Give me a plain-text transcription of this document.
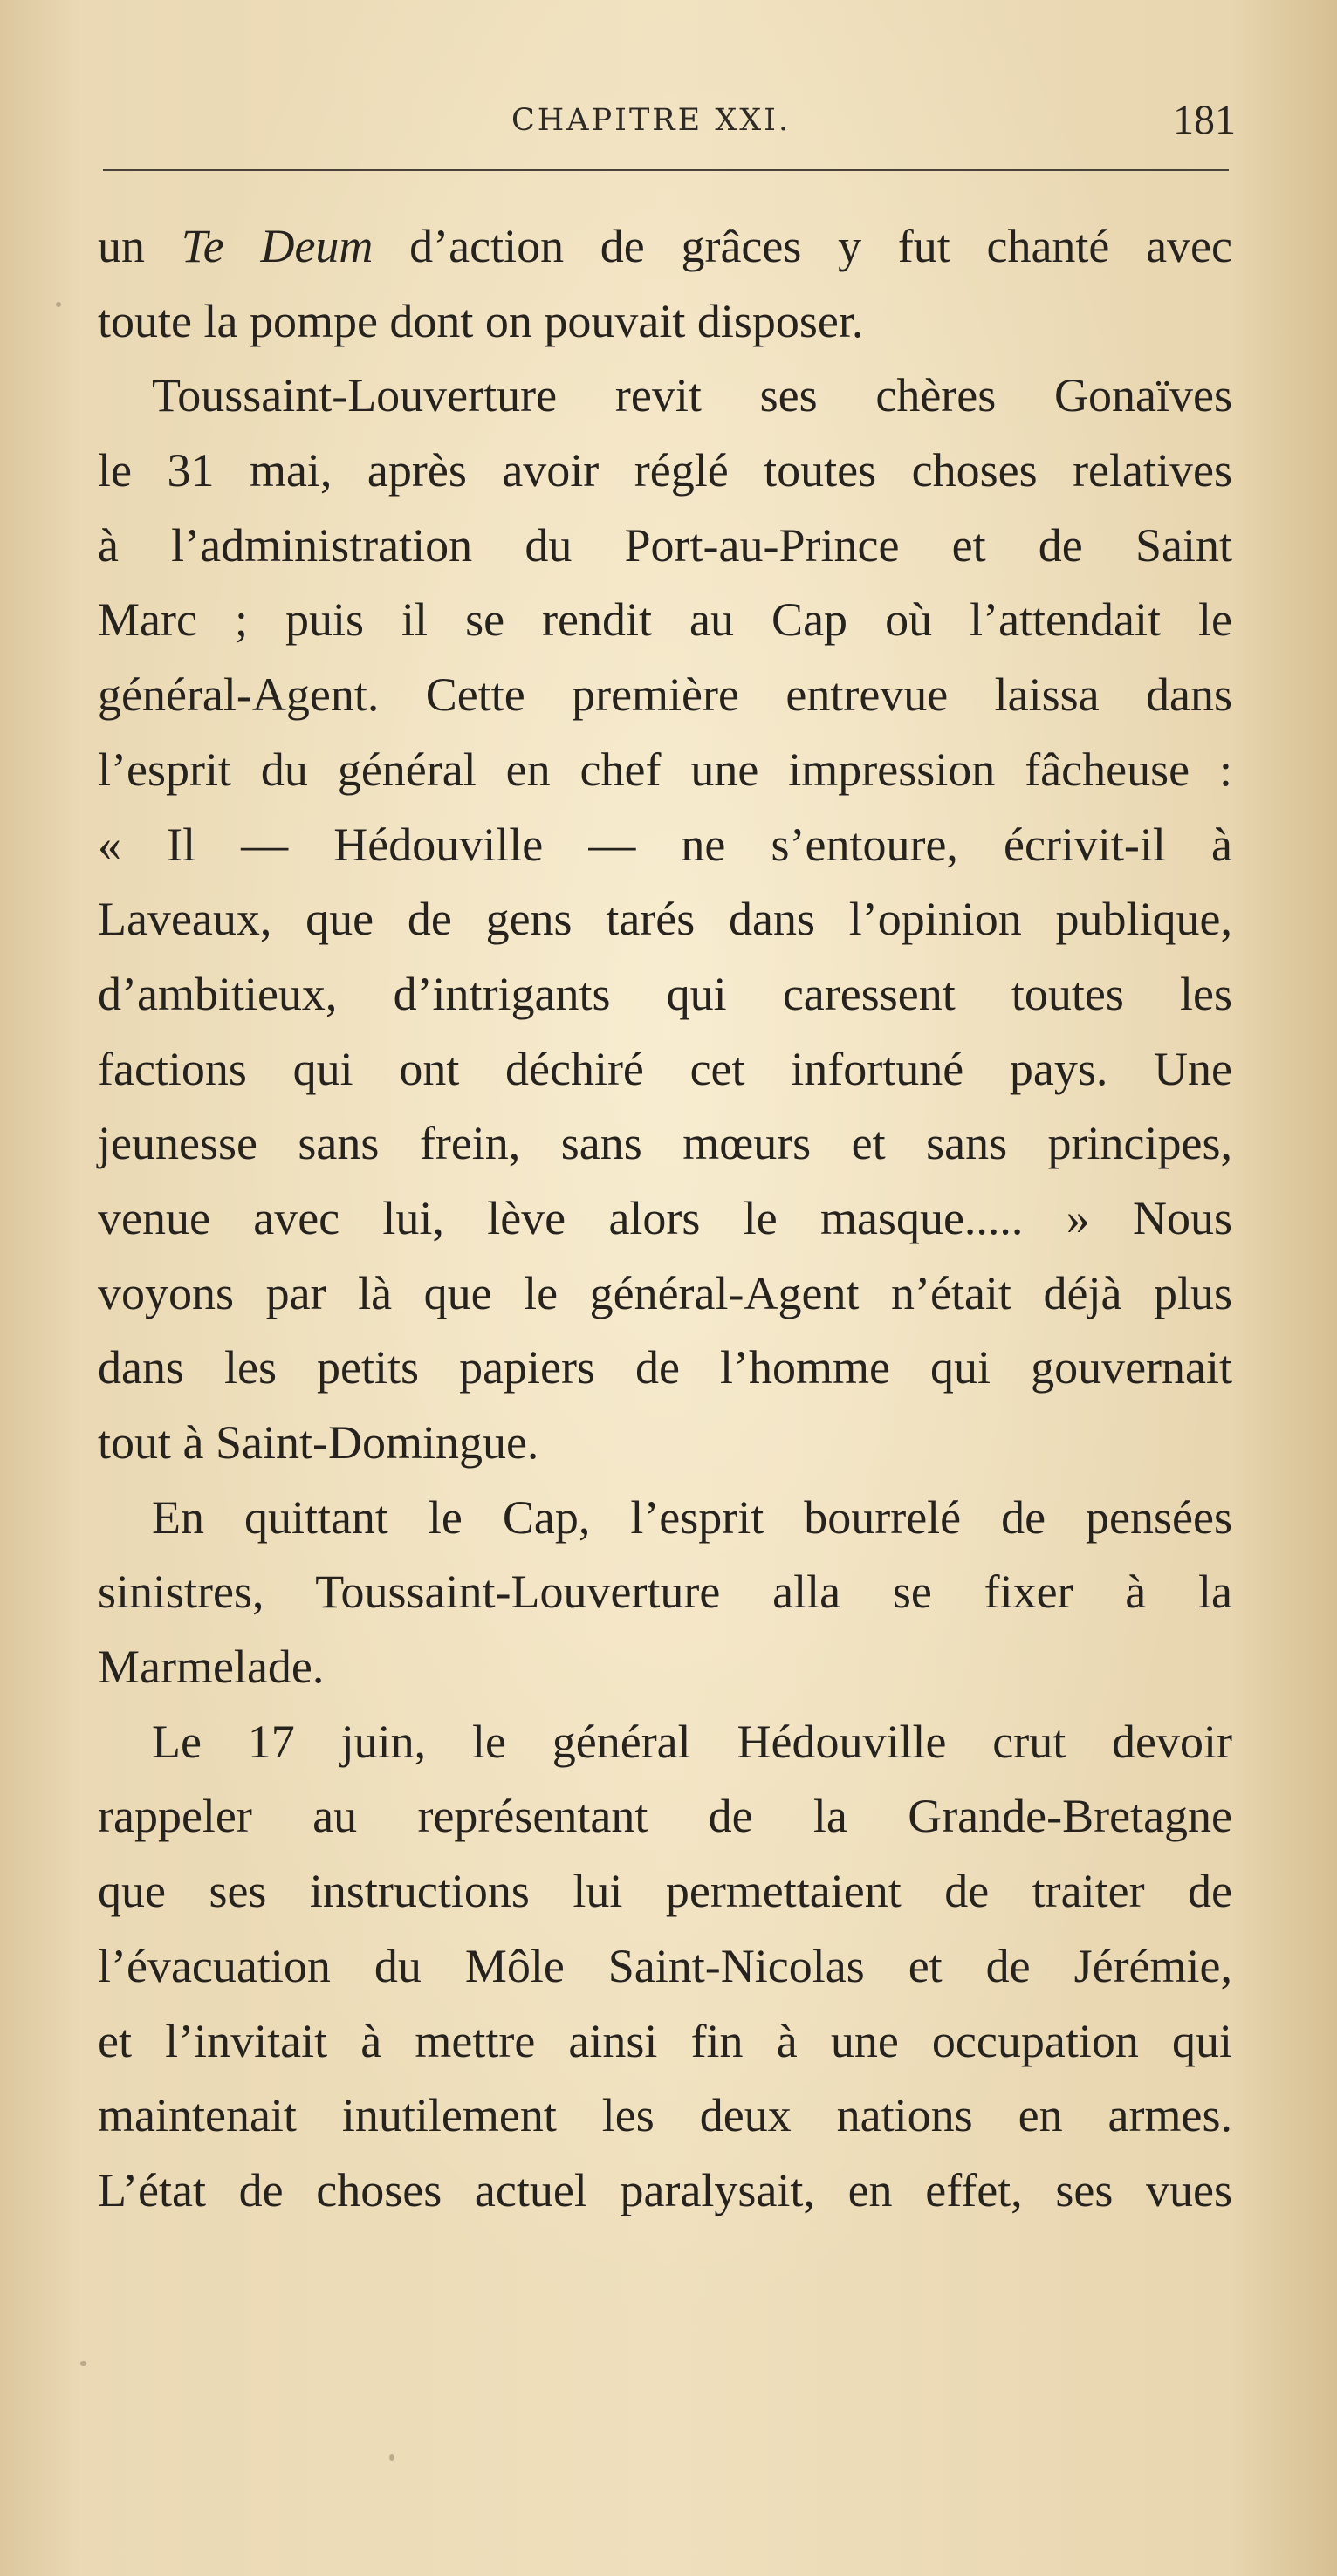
CHAPITRE XXI.	181
un Te Deum d’action de grâces y fut chanté avec
toute la pompe dont on pouvait disposer.
Toussaint-Louverture revit ses chères Gonaïves
le 31 mai, après avoir réglé toutes choses relatives
à l’administration du Port-au-Prince et de Saint
Marc ; puis il se rendit au Cap où l’attendait le
général-Agent. Cette première entrevue laissa dans
l’esprit du général en chef une impression fâcheuse :
« Il — Hédouville — ne s’entoure, écrivit-il à
Laveaux, que de gens tarés dans l’opinion publique,
d’ambitieux, d’intrigants qui caressent toutes les
factions qui ont déchiré cet infortuné pays. Une
jeunesse sans frein, sans mœurs et sans principes,
venue avec lui, lève alors le masque..... » Nous
voyons par là que le général-Agent n’était déjà plus
dans les petits papiers de l’homme qui gouvernait
tout à Saint-Domingue.
En quittant le Cap, l’esprit bourrelé de pensées
sinistres, Toussaint-Louverture alla se fixer à la
Marmelade.
Le 17 juin, le général Hédouville crut devoir
rappeler au représentant de la Grande-Bretagne
que ses instructions lui permettaient de traiter de
l’évacuation du Môle Saint-Nicolas et de Jérémie,
et l’invitait à mettre ainsi fin à une occupation qui
maintenait inutilement les deux nations en armes.
L’état de choses actuel paralysait, en effet, ses vues
